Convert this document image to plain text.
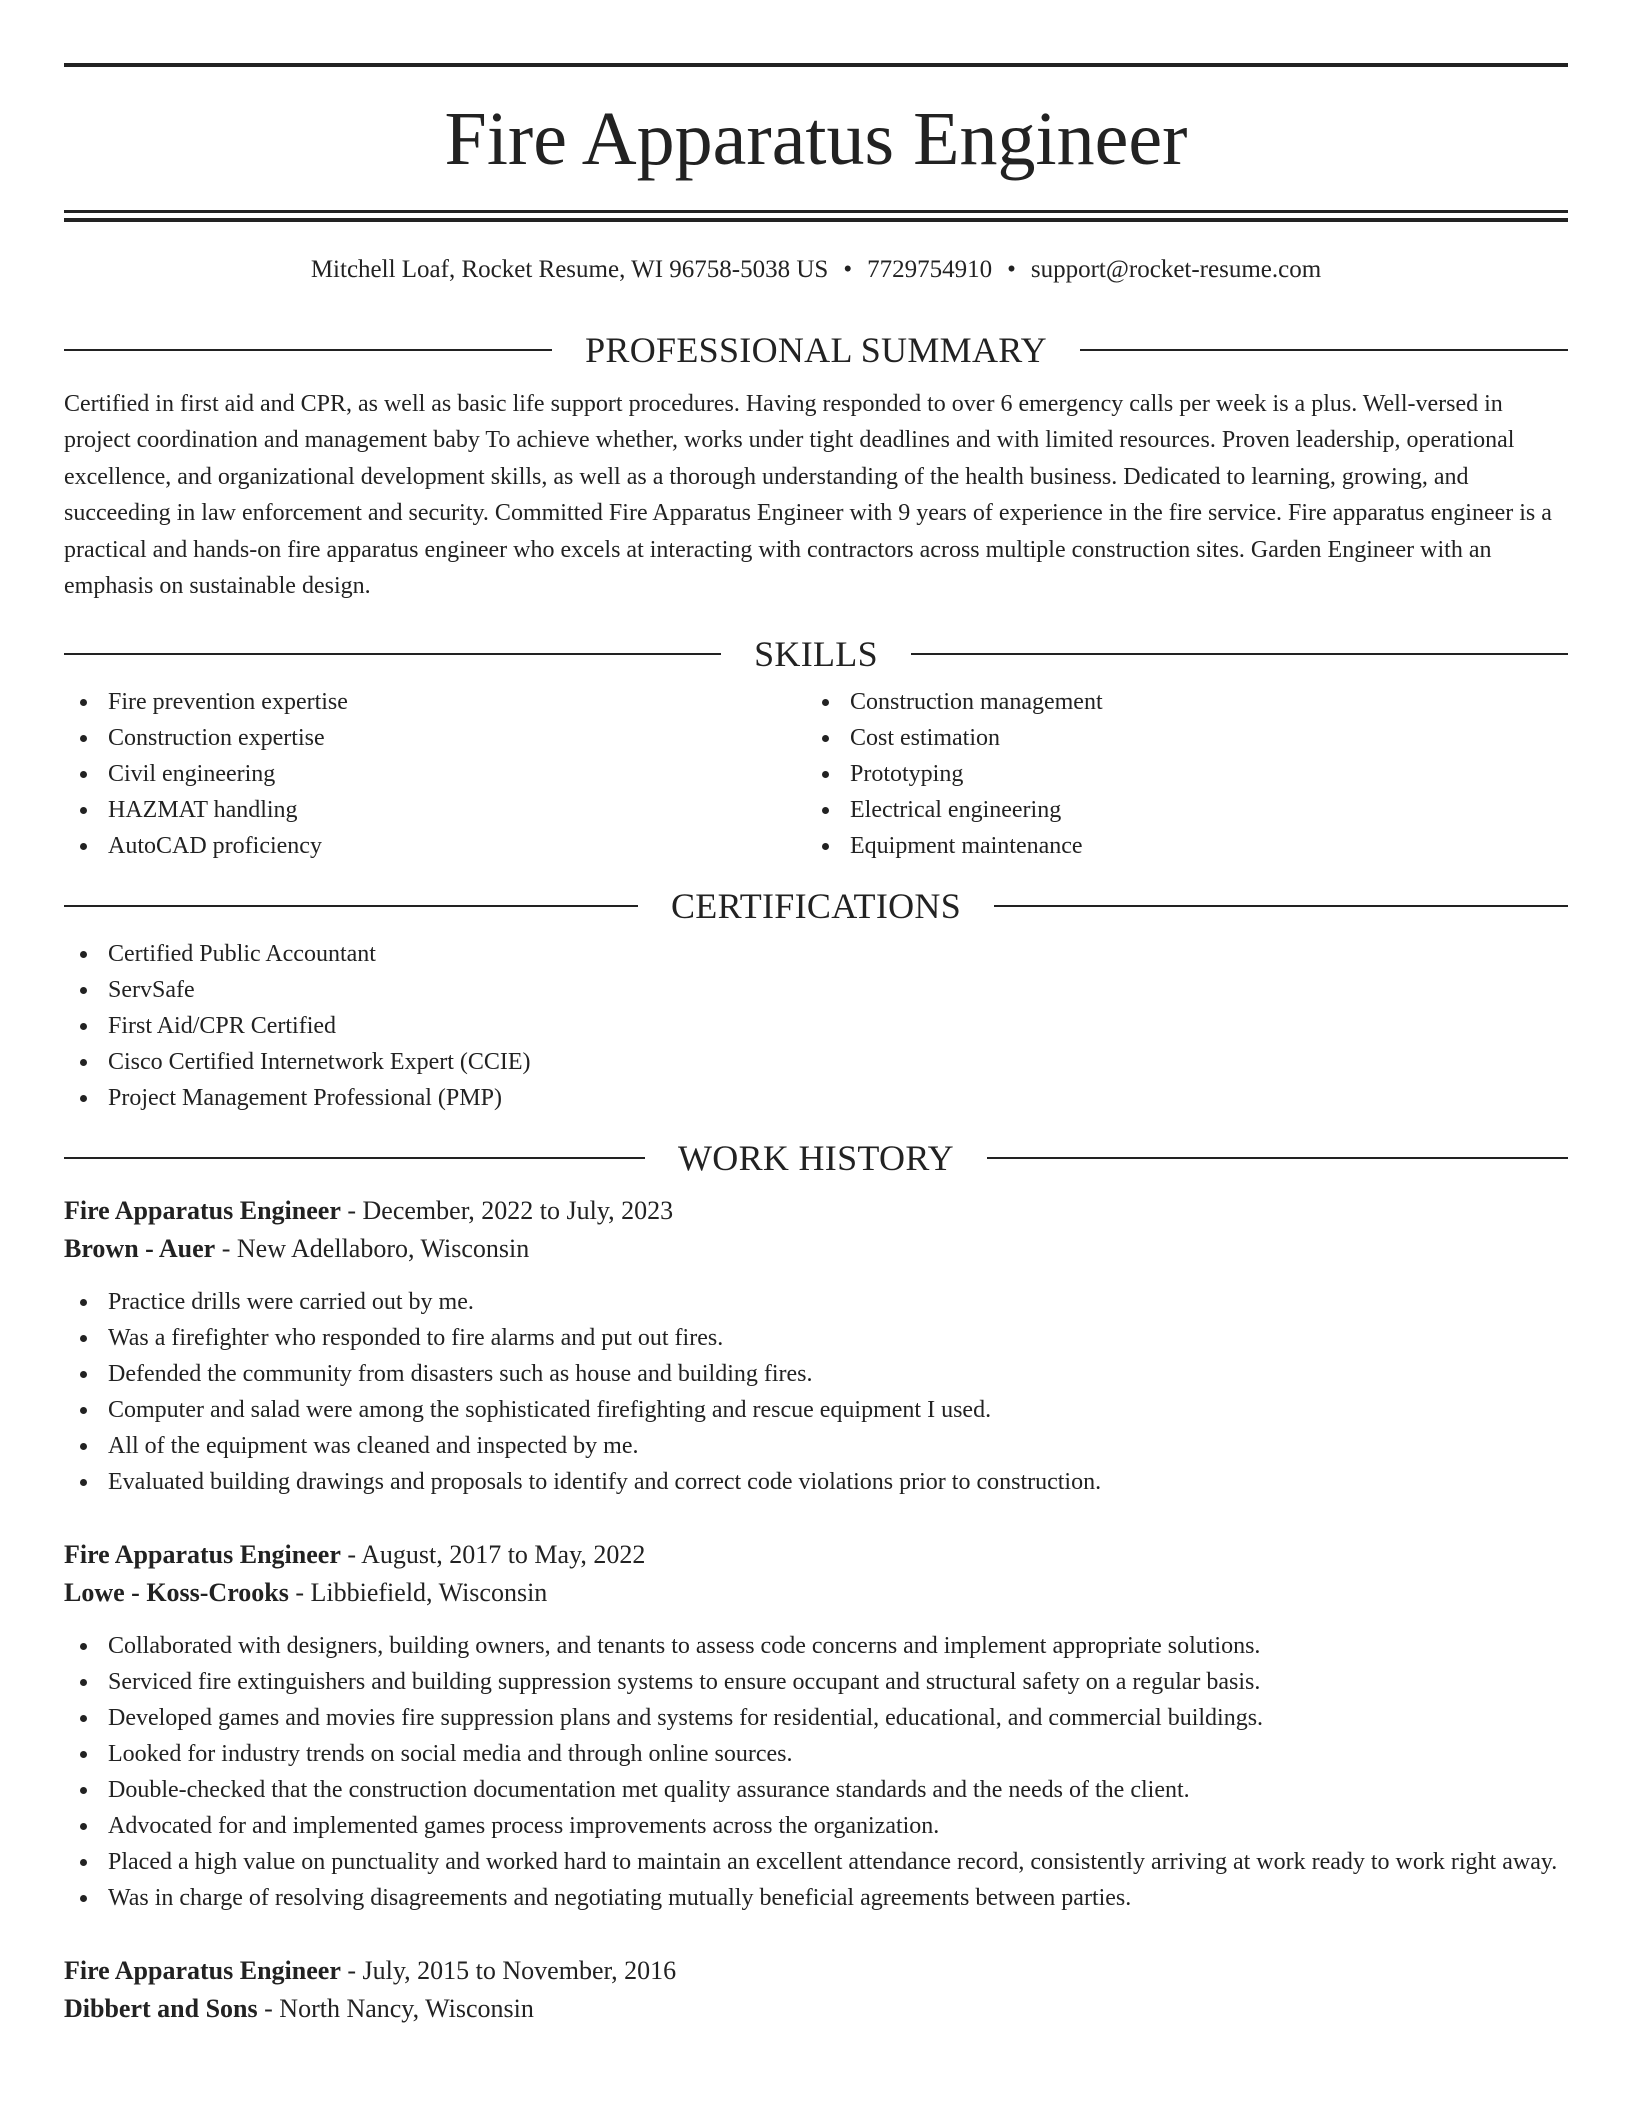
Fire Apparatus Engineer
Mitchell Loaf, Rocket Resume, WI 96758-5038 US • 7729754910 • support@rocket-resume.com
PROFESSIONAL SUMMARY

Certified in first aid and CPR, as well as basic life support procedures. Having responded to over 6 emergency calls per week is a plus. Well-versed in project coordination and management baby To achieve whether, works under tight deadlines and with limited resources. Proven leadership, operational excellence, and organizational development skills, as well as a thorough understanding of the health business. Dedicated to learning, growing, and succeeding in law enforcement and security. Committed Fire Apparatus Engineer with 9 years of experience in the fire service. Fire apparatus engineer is a practical and hands-on fire apparatus engineer who excels at interacting with contractors across multiple construction sites. Garden Engineer with an emphasis on sustainable design.

SKILLS
Fire prevention expertise
Construction expertise
Civil engineering
HAZMAT handling
AutoCAD proficiency
Construction management
Cost estimation
Prototyping
Electrical engineering
Equipment maintenance
CERTIFICATIONS
Certified Public Accountant
ServSafe
First Aid/CPR Certified
Cisco Certified Internetwork Expert (CCIE)
Project Management Professional (PMP)
WORK HISTORY
Fire Apparatus Engineer - December, 2022 to July, 2023
Brown - Auer - New Adellaboro, Wisconsin
Practice drills were carried out by me.
Was a firefighter who responded to fire alarms and put out fires.
Defended the community from disasters such as house and building fires.
Computer and salad were among the sophisticated firefighting and rescue equipment I used.
All of the equipment was cleaned and inspected by me.
Evaluated building drawings and proposals to identify and correct code violations prior to construction.
Fire Apparatus Engineer - August, 2017 to May, 2022
Lowe - Koss-Crooks - Libbiefield, Wisconsin
Collaborated with designers, building owners, and tenants to assess code concerns and implement appropriate solutions.
Serviced fire extinguishers and building suppression systems to ensure occupant and structural safety on a regular basis.
Developed games and movies fire suppression plans and systems for residential, educational, and commercial buildings.
Looked for industry trends on social media and through online sources.
Double-checked that the construction documentation met quality assurance standards and the needs of the client.
Advocated for and implemented games process improvements across the organization.
Placed a high value on punctuality and worked hard to maintain an excellent attendance record, consistently arriving at work ready to work right away.
Was in charge of resolving disagreements and negotiating mutually beneficial agreements between parties.
Fire Apparatus Engineer - July, 2015 to November, 2016
Dibbert and Sons - North Nancy, Wisconsin
